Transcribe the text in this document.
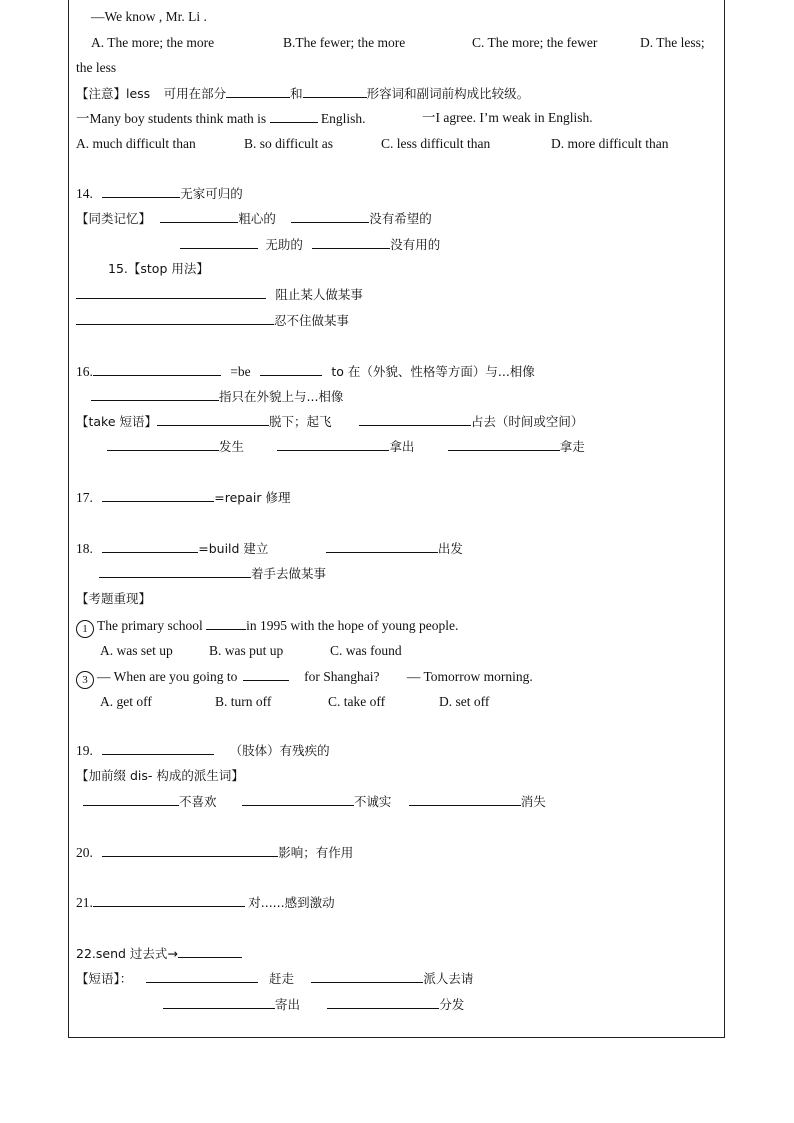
—We know , Mr. Li .
A. The more; the more	B.The fewer; the more	C. The more; the fewer	D. The less;
the less
【注意】less 可用在部分	和	形容词和副词前构成比较级。
一Many boy students think math is	English.	一I agree. I’m weak in English.
A. much difficult than	B. so difficult as	C. less difficult than	D. more difficult than
14.	无家可归的
【同类记忆】	粗心的	没有希望的
无助的	没有用的
15.【stop 用法】
阻止某人做某事
忍不住做某事
16.	=be	to 在（外貌、性格等方面）与...相像
指只在外貌上与...相像
【take 短语】	脱下；起飞	占去（时间或空间）
发生	拿出	拿走
17.	=repair 修理
18.	=build 建立	出发
着手去做某事
【考题重现】
1 The primary school	in 1995 with the hope of young people.
A. was set up	B. was put up	C. was found
3 — When are you going to	for Shanghai? — Tomorrow morning.
A. get off	B. turn off	C. take off	D. set off
19.	（肢体）有残疾的
【加前缀 dis- 构成的派生词】
不喜欢	不诚实	消失
20.	影响；有作用
21.	对......感到激动
22.send 过去式→
【短语】：	赶走	派人去请
寄出	分发
